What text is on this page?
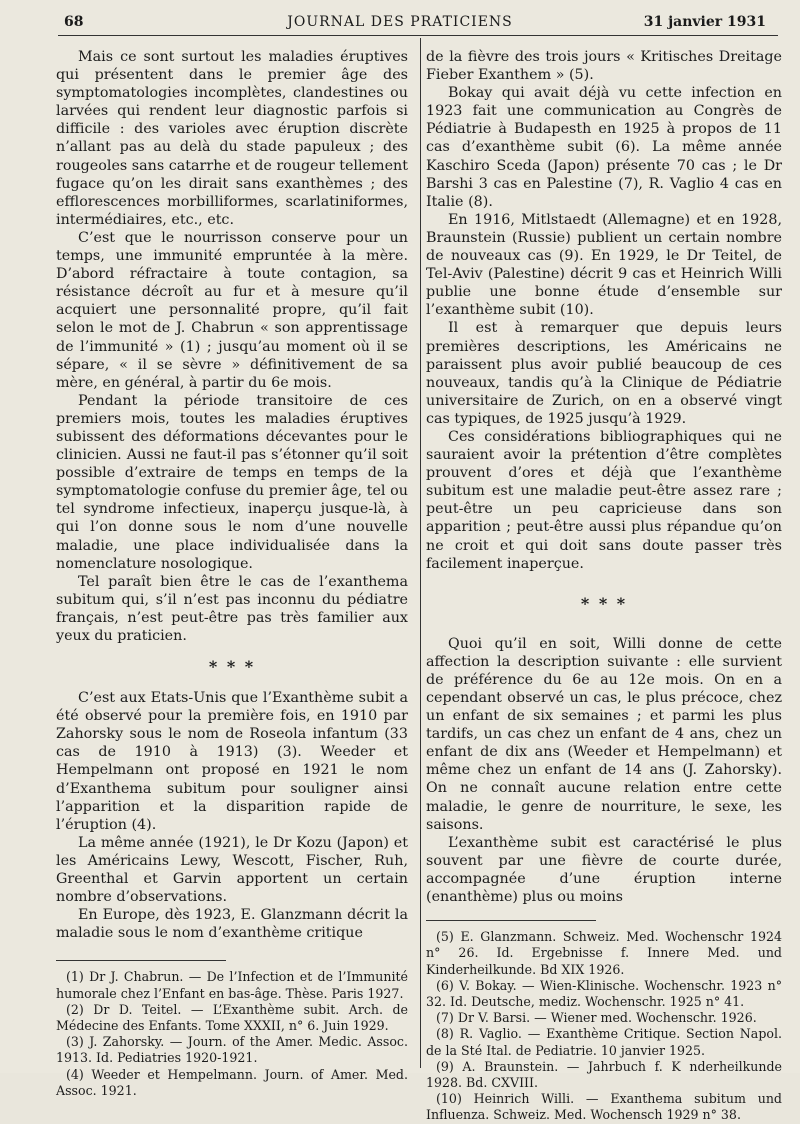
68	JOURNAL DES PRATICIENS	31 janvier 1931

Mais ce sont surtout les maladies éruptives qui présentent dans le premier âge des symptomatologies incomplètes, clandestines ou larvées qui rendent leur diagnostic parfois si difficile : des varioles avec éruption discrète n’allant pas au delà du stade papuleux ; des rougeoles sans catarrhe et de rougeur tellement fugace qu’on les dirait sans exanthèmes ; des efflorescences morbilliformes, scarlatiniformes, intermédiaires, etc., etc.

C’est que le nourrisson conserve pour un temps, une immunité empruntée à la mère. D’abord réfractaire à toute contagion, sa résistance décroît au fur et à mesure qu’il acquiert une personnalité propre, qu’il fait selon le mot de J. Chabrun « son apprentissage de l’immunité » (1) ; jusqu’au moment où il se sépare, « il se sèvre » définitivement de sa mère, en général, à partir du 6e mois.

Pendant la période transitoire de ces premiers mois, toutes les maladies éruptives subissent des déformations décevantes pour le clinicien. Aussi ne faut-il pas s’étonner qu’il soit possible d’extraire de temps en temps de la symptomatologie confuse du premier âge, tel ou tel syndrome infectieux, inaperçu jusque-là, à qui l’on donne sous le nom d’une nouvelle maladie, une place individualisée dans la nomenclature nosologique.

Tel paraît bien être le cas de l’exanthema subitum qui, s’il n’est pas inconnu du pédiatre français, n’est peut-être pas très familier aux yeux du praticien.

* * *

C’est aux Etats-Unis que l’Exanthème subit a été observé pour la première fois, en 1910 par Zahorsky sous le nom de Roseola infantum (33 cas de 1910 à 1913) (3). Weeder et Hempelmann ont proposé en 1921 le nom d’Exanthema subitum pour souligner ainsi l’apparition et la disparition rapide de l’éruption (4).

La même année (1921), le Dr Kozu (Japon) et les Américains Lewy, Wescott, Fischer, Ruh, Greenthal et Garvin apportent un certain nombre d’observations.

En Europe, dès 1923, E. Glanzmann décrit la maladie sous le nom d’exanthème critique

(1) Dr J. Chabrun. — De l’Infection et de l’Immunité humorale chez l’Enfant en bas-âge. Thèse. Paris 1927.

(2) Dr D. Teitel. — L’Exanthème subit. Arch. de Médecine des Enfants. Tome XXXII, n° 6. Juin 1929.

(3) J. Zahorsky. — Journ. of the Amer. Medic. Assoc. 1913. Id. Pediatries 1920-1921.

(4) Weeder et Hempelmann. Journ. of Amer. Med. Assoc. 1921.

de la fièvre des trois jours « Kritisches Dreitage Fieber Exanthem » (5).

Bokay qui avait déjà vu cette infection en 1923 fait une communication au Congrès de Pédiatrie à Budapesth en 1925 à propos de 11 cas d’exanthème subit (6). La même année Kaschiro Sceda (Japon) présente 70 cas ; le Dr Barshi 3 cas en Palestine (7), R. Vaglio 4 cas en Italie (8).

En 1916, Mitlstaedt (Allemagne) et en 1928, Braunstein (Russie) publient un certain nombre de nouveaux cas (9). En 1929, le Dr Teitel, de Tel-Aviv (Palestine) décrit 9 cas et Heinrich Willi publie une bonne étude d’ensemble sur l’exanthème subit (10).

Il est à remarquer que depuis leurs premières descriptions, les Américains ne paraissent plus avoir publié beaucoup de ces nouveaux, tandis qu’à la Clinique de Pédiatrie universitaire de Zurich, on en a observé vingt cas typiques, de 1925 jusqu’à 1929.

Ces considérations bibliographiques qui ne sauraient avoir la prétention d’être complètes prouvent d’ores et déjà que l’exanthème subitum est une maladie peut-être assez rare ; peut-être un peu capricieuse dans son apparition ; peut-être aussi plus répandue qu’on ne croit et qui doit sans doute passer très facilement inaperçue.

* * *

Quoi qu’il en soit, Willi donne de cette affection la description suivante : elle survient de préférence du 6e au 12e mois. On en a cependant observé un cas, le plus précoce, chez un enfant de six semaines ; et parmi les plus tardifs, un cas chez un enfant de 4 ans, chez un enfant de dix ans (Weeder et Hempelmann) et même chez un enfant de 14 ans (J. Zahorsky). On ne connaît aucune relation entre cette maladie, le genre de nourriture, le sexe, les saisons.

L’exanthème subit est caractérisé le plus souvent par une fièvre de courte durée, accompagnée d’une éruption interne (enanthème) plus ou moins

(5) E. Glanzmann. Schweiz. Med. Wochenschr 1924 n° 26. Id. Ergebnisse f. Innere Med. und Kinderheilkunde. Bd XIX 1926.

(6) V. Bokay. — Wien-Klinische. Wochenschr. 1923 n° 32. Id. Deutsche, mediz. Wochenschr. 1925 n° 41.

(7) Dr V. Barsi. — Wiener med. Wochenschr. 1926.

(8) R. Vaglio. — Exanthème Critique. Section Napol. de la Sté Ital. de Pediatrie. 10 janvier 1925.

(9) A. Braunstein. — Jahrbuch f. K nderheilkunde 1928. Bd. CXVIII.

(10) Heinrich Willi. — Exanthema subitum und Influenza. Schweiz. Med. Wochensch 1929 n° 38.
